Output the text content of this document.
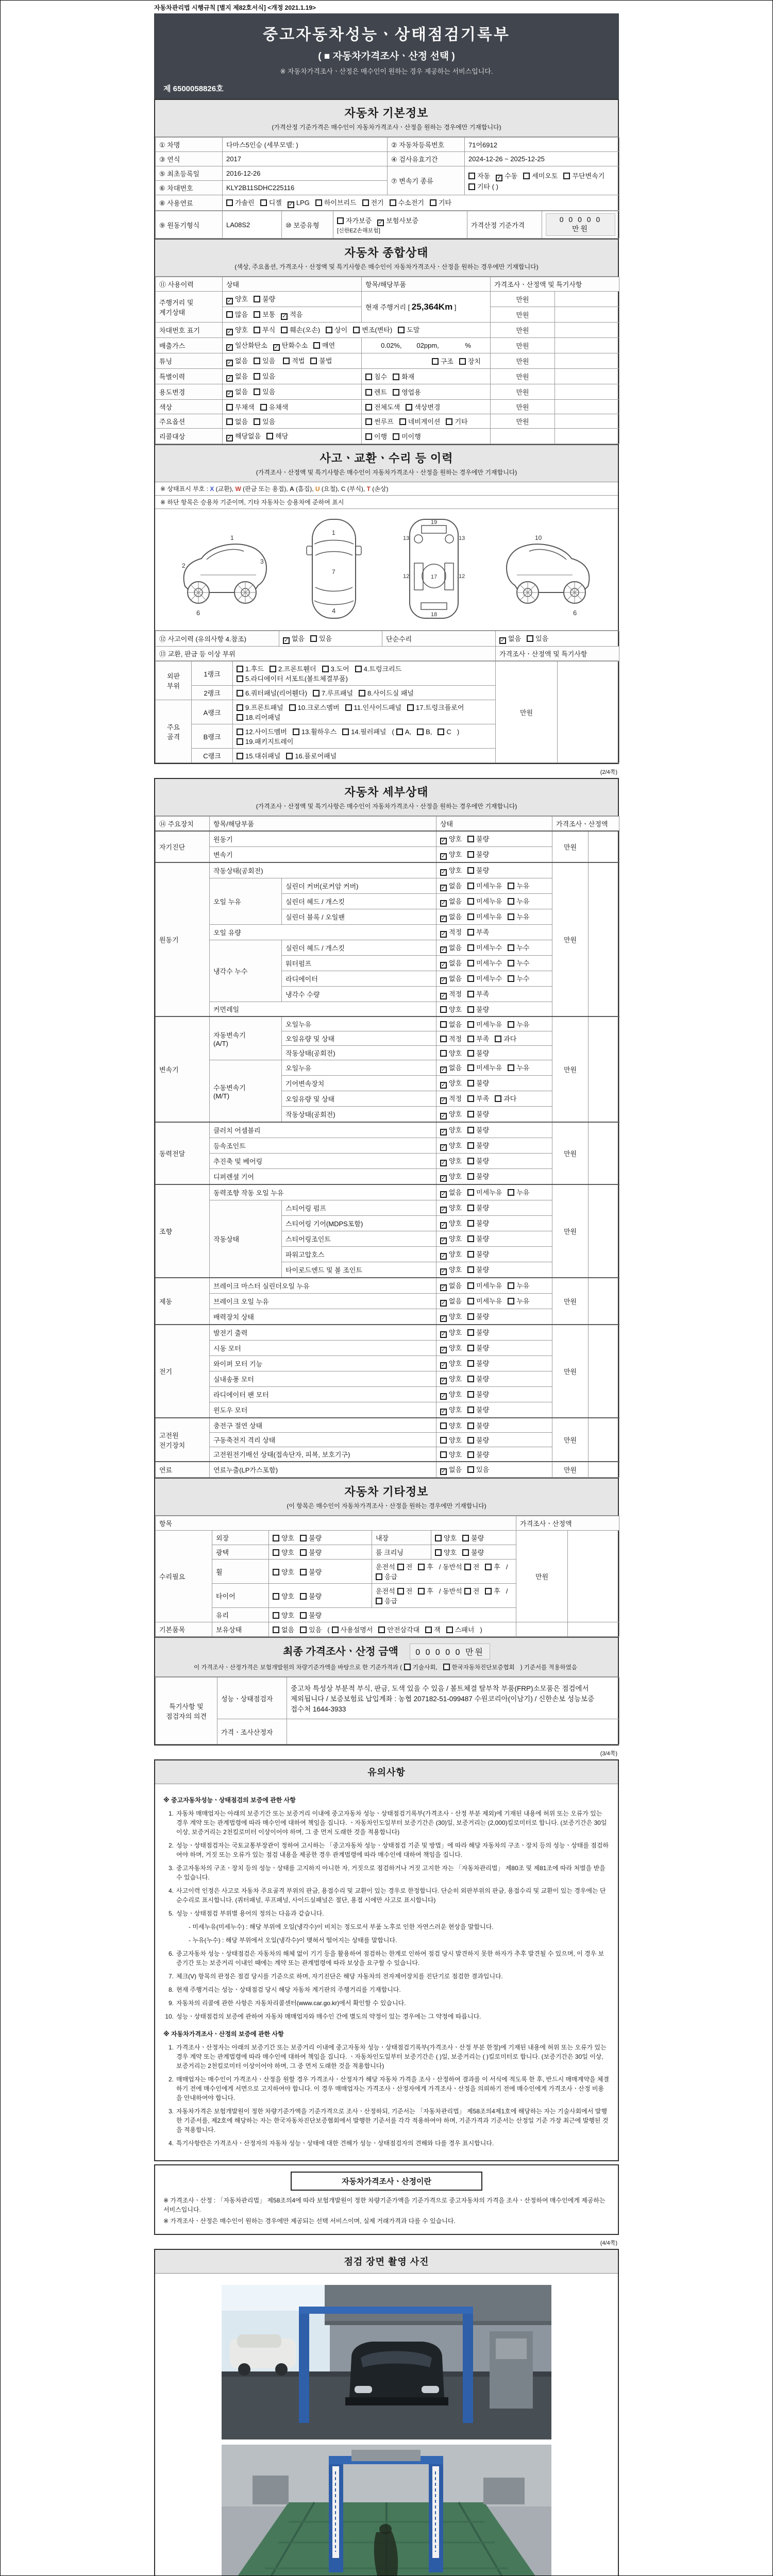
자동차관리법 시행규칙 [별지 제82호서식] <개정 2021.1.19>
중고자동차성능ㆍ상태점검기록부
( ■ 자동차가격조사ㆍ산정 선택 )
※ 자동차가격조사ㆍ산정은 매수인이 원하는 경우 제공하는 서비스입니다.
제 6500058826호
자동차 기본정보
(가격산정 기준가격은 매수인이 자동차가격조사ㆍ산정을 원하는 경우에만 기재합니다)
① 차명	다마스5인승 (세부모델: )	② 자동차등록번호	71어6912
③ 연식	2017	④ 검사유효기간	2024-12-26 ~ 2025-12-25
⑤ 최초등록일	2016-12-26	⑦ 변속기 종류	자동 ✓ 수동 세미오토 무단변속기기타 ( )
⑥ 차대번호	KLY2B11SDHC225116		
⑧ 사용연료	가솔린 디젤 ✓ LPG 하이브리드 전기 수소전기 기타
⑨ 원동기형식	LA08S2	⑩ 보증유형	자가보증 ✓ 보험사보증[신한EZ손해보험]	가격산정 기준가격	0 0 0 0 0 만원
자동차 종합상태
(색상, 주요옵션, 가격조사ㆍ산정액 및 특기사항은 매수인이 자동차가격조사ㆍ산정을 원하는 경우에만 기재합니다)
⑪ 사용이력	상태	항목/해당부품	가격조사ㆍ산정액 및 특기사항	
주행거리 및 계기상태	✓양호 불량	현재 주행거리 [ 25,364Km ]	만원	
	많음 보통 ✓ 적음		만원	
차대번호 표기	✓양호 부식 훼손(오손) 상이 변조(변타) 도말		만원	
배출가스	✓일산화탄소 ✓ 탄화수소 매연	0.02%,        02ppm,              %	만원	
튜닝	✓없음 있음 적법 불법	구조 장치	만원	
특별이력	✓없음 있음	침수 화재	만원	
용도변경	✓없음 있음	렌트 영업용	만원	
색상	무채색 유채색	전체도색 색상변경	만원	
주요옵션	없음 있음	썬루프 네비게이션 기타	만원	
리콜대상	✓해당없음 해당	이행 미이행		
사고ㆍ교환ㆍ수리 등 이력
(가격조사ㆍ산정액 및 특기사항은 매수인이 자동차가격조사ㆍ산정을 원하는 경우에만 기재합니다)
※ 상태표시 부호 : X (교환), W (판금 또는 용접), A (흠집), U (요철), C (부식), T (손상)
※ 하단 항목은 승용차 기준이며, 기타 자동차는 승용차에 준하여 표시
1
2
3
6
1
7
4
13	13
19
12	12
17
18
10
6
⑫ 사고이력 (유의사항 4.참조)	✓없음 있음	단순수리	✓없음 있음
⑬ 교환, 판금 등 이상 부위			가격조사ㆍ산정액 및 특기사항
외판
부위	1랭크	1.후드 2.프론트휀더 3.도어 4.트렁크리드5.라디에이터 서포트(볼트체결부품)	만원	
	2랭크	6.쿼터패널(리어휀다) 7.루프패널 8.사이드실 패널		
주요
골격	A랭크	9.프론트패널 10.크로스멤버 11.인사이드패널 17.트렁크플로어18.리어패널		
	B랭크	12.사이드멤버 13.휠하우스 14.필러패널 (A, B, C)19.패키지트레이		
	C랭크	15.대쉬패널 16.플로어패널		
(2/4쪽)
자동차 세부상태
(가격조사ㆍ산정액 및 특기사항은 매수인이 자동차가격조사ㆍ산정을 원하는 경우에만 기재합니다)
⑭ 주요장치	항목/해당부품		상태	가격조사ㆍ산정액	
자기진단	원동기	✓양호 불량	만원	
	변속기	✓양호 불량
원동기	작동상태(공회전)	✓양호 불량	만원	
	오일 누유	실린더 커버(로커암 커버)	✓없음 미세누유 누유
		실린더 헤드 / 개스킷	✓없음 미세누유 누유
		실린더 블록 / 오일팬	✓없음 미세누유 누유
	오일 유량	✓적정 부족
	냉각수 누수	실린더 헤드 / 개스킷	✓없음 미세누수 누수
		워터펌프	✓없음 미세누수 누수
		라디에이터	✓없음 미세누수 누수
		냉각수 수량	✓적정 부족
	커먼레일		양호 불량		
변속기	자동변속기
(A/T)	오일누유	없음 미세누유 누유	만원	
		오일유량 및 상태	적정 부족 과다		
		작동상태(공회전)	양호 불량		
	수동변속기
(M/T)	오일누유	✓없음 미세누유 누유
		기어변속장치	✓양호 불량
		오일유량 및 상태	✓적정 부족 과다
		작동상태(공회전)	✓양호 불량
동력전달	클러치 어셈블리	✓양호 불량	만원	
	등속조인트	✓양호 불량
	추진축 및 베어링	✓양호 불량
	디퍼렌셜 기어	✓양호 불량
조향	동력조향 작동 오일 누유	✓없음 미세누유 누유	만원	
	작동상태	스티어링 펌프	✓양호 불량
		스티어링 기어(MDPS포함)	✓양호 불량
		스티어링조인트	✓양호 불량
		파워고압호스	✓양호 불량
		타이로드엔드 및 볼 조인트	✓양호 불량
제동	브레이크 마스터 실린더오일 누유	✓없음 미세누유 누유	만원	
	브레이크 오일 누유	✓없음 미세누유 누유
	배력장치 상태	✓양호 불량
전기	발전기 출력	✓양호 불량	만원	
	시동 모터	✓양호 불량
	와이퍼 모터 기능	✓양호 불량
	실내송풍 모터	✓양호 불량
	라디에이터 팬 모터	✓양호 불량
	윈도우 모터	✓양호 불량
고전원
전기장치	충전구 절연 상태		양호 불량	만원	
	구동축전지 격리 상태		양호 불량		
	고전원전기배선 상태(접속단자, 피복, 보호기구)		양호 불량		
연료	연료누출(LP가스포함)	✓없음 있음	만원	
자동차 기타정보
(이 항목은 매수인이 자동차가격조사ㆍ산정을 원하는 경우에만 기재합니다)
항목					가격조사ㆍ산정액	
수리필요	외장	양호 불량	내장	양호 불량	만원	
	광택	양호 불량	룸 크리닝	양호 불량		
	휠	양호 불량	운전석 전 후 / 동반석 전 후 /응급			
	타이어	양호 불량	운전석 전 후 / 동반석 전 후 /응급			
	유리	양호 불량				
기본품목	보유상태	없음 있음 (사용설명서 안전삼각대 잭 스패너)				
최종 가격조사ㆍ산정 금액 0 0 0 0 0 만원
이 가격조사ㆍ산정가격은 보험개발원의 차량기준가액을 바탕으로 한 기준가격과 (기술사회, 한국자동차진단보증협회) 기준서를 적용하였음
특기사항 및
점검자의 의견	성능ㆍ상태점검자	중고차 특성상 부분적 부식, 판금, 도색 있을 수 있음 / 볼트체결 탈부착 부품(FRP)소모품은 점검에서 제외됩니다 / 보증보험료 납입계좌 : 농협 207182-51-099487 수원코리아(이남기) / 신한손보 성능보증 접수처 1644-3933
	가격ㆍ조사산정자	
(3/4쪽)
유의사항
※ 중고자동차성능ㆍ상태점검의 보증에 관한 사항
1. 자동차 매매업자는 아래의 보증기간 또는 보증거리 이내에 중고자동차 성능ㆍ상태점검기록부(가격조사ㆍ산정 부분 제외)에 기재된 내용에 허위 또는 오류가 있는 경우 계약 또는 관계법령에 따라 매수인에 대하여 책임을 집니다. ㆍ자동차인도일부터 보증기간은 (30)일, 보증거리는 (2,000)킬로미터로 합니다. (보증기간은 30일 이상, 보증거리는 2천킬로미터 이상이어야 하며, 그 중 먼저 도래한 것을 적용합니다)
2. 성능ㆍ상태점검자는 국토교통부장관이 정하여 고시하는 「중고자동차 성능ㆍ상태점검 기준 및 방법」에 따라 해당 자동차의 구조ㆍ장치 등의 성능ㆍ상태를 점검하여야 하며, 거짓 또는 오류가 있는 점검 내용을 제공한 경우 관계법령에 따라 매수인에 대하여 책임을 집니다.
3. 중고자동차의 구조ㆍ장치 등의 성능ㆍ상태를 고지하지 아니한 자, 거짓으로 점검하거나 거짓 고지한 자는 「자동차관리법」 제80조 및 제81조에 따라 처벌을 받을 수 있습니다.
4. 사고이력 인정은 사고로 자동차 주요골격 부위의 판금, 용접수리 및 교환이 있는 경우로 한정합니다. 단순히 외판부위의 판금, 용접수리 및 교환이 있는 경우에는 단순수리로 표시합니다. (쿼터패널, 루프패널, 사이드실패널은 절단, 용접 시에만 사고로 표시합니다)
5. 성능ㆍ상태점검 부위별 용어의 정의는 다음과 같습니다.
- 미세누유(미세누수) : 해당 부위에 오일(냉각수)이 비치는 정도로서 부품 노후로 인한 자연스러운 현상을 말합니다.
- 누유(누수) : 해당 부위에서 오일(냉각수)이 맺혀서 떨어지는 상태를 말합니다.
6. 중고자동차 성능ㆍ상태점검은 자동차의 해체 없이 기기 등을 활용하여 점검하는 한계로 인하여 점검 당시 발견하지 못한 하자가 추후 발견될 수 있으며, 이 경우 보증기간 또는 보증거리 이내인 때에는 계약 또는 관계법령에 따라 보상을 요구할 수 있습니다.
7. 체크(V) 항목의 판정은 점검 당시를 기준으로 하며, 자기진단은 해당 자동차의 전자제어장치를 진단기로 점검한 결과입니다.
8. 현재 주행거리는 성능ㆍ상태점검 당시 해당 자동차 계기판의 주행거리를 기재합니다.
9. 자동차의 리콜에 관한 사항은 자동차리콜센터(www.car.go.kr)에서 확인할 수 있습니다.
10. 성능ㆍ상태점검의 보증에 관하여 자동차 매매업자와 매수인 간에 별도의 약정이 있는 경우에는 그 약정에 따릅니다.
※ 자동차가격조사ㆍ산정의 보증에 관한 사항
1. 가격조사ㆍ산정자는 아래의 보증기간 또는 보증거리 이내에 중고자동차 성능ㆍ상태점검기록부(가격조사ㆍ산정 부분 한정)에 기재된 내용에 허위 또는 오류가 있는 경우 계약 또는 관계법령에 따라 매수인에 대하여 책임을 집니다. ㆍ자동차인도일부터 보증기간은 ( )일, 보증거리는 ( )킬로미터로 합니다. (보증기간은 30일 이상, 보증거리는 2천킬로미터 이상이어야 하며, 그 중 먼저 도래한 것을 적용합니다)
2. 매매업자는 매수인이 가격조사ㆍ산정을 원할 경우 가격조사ㆍ산정자가 해당 자동차 가격을 조사ㆍ산정하여 결과를 이 서식에 적도록 한 후, 반드시 매매계약을 체결하기 전에 매수인에게 서면으로 고지하여야 합니다. 이 경우 매매업자는 가격조사ㆍ산정자에게 가격조사ㆍ산정을 의뢰하기 전에 매수인에게 가격조사ㆍ산정 비용을 안내하여야 합니다.
3. 자동차가격은 보험개발원이 정한 차량기준가액을 기준가격으로 조사ㆍ산정하되, 기준서는 「자동차관리법」 제58조의4제1호에 해당하는 자는 기술사회에서 발행한 기준서를, 제2호에 해당하는 자는 한국자동차진단보증협회에서 발행한 기준서를 각각 적용하여야 하며, 기준가격과 기준서는 산정일 기준 가장 최근에 발행된 것을 적용합니다.
4. 특기사항란은 가격조사ㆍ산정자의 자동차 성능ㆍ상태에 대한 견해가 성능ㆍ상태점검자의 견해와 다를 경우 표시합니다.
자동차가격조사ㆍ산정이란
※ 가격조사ㆍ산정 : 「자동차관리법」 제58조의4에 따라 보험개발원이 정한 차량기준가액을 기준가격으로 중고자동차의 가격을 조사ㆍ산정하여 매수인에게 제공하는 서비스입니다.
※ 가격조사ㆍ산정은 매수인이 원하는 경우에만 제공되는 선택 서비스이며, 실제 거래가격과 다를 수 있습니다.
(4/4쪽)
점검 장면 촬영 사진
